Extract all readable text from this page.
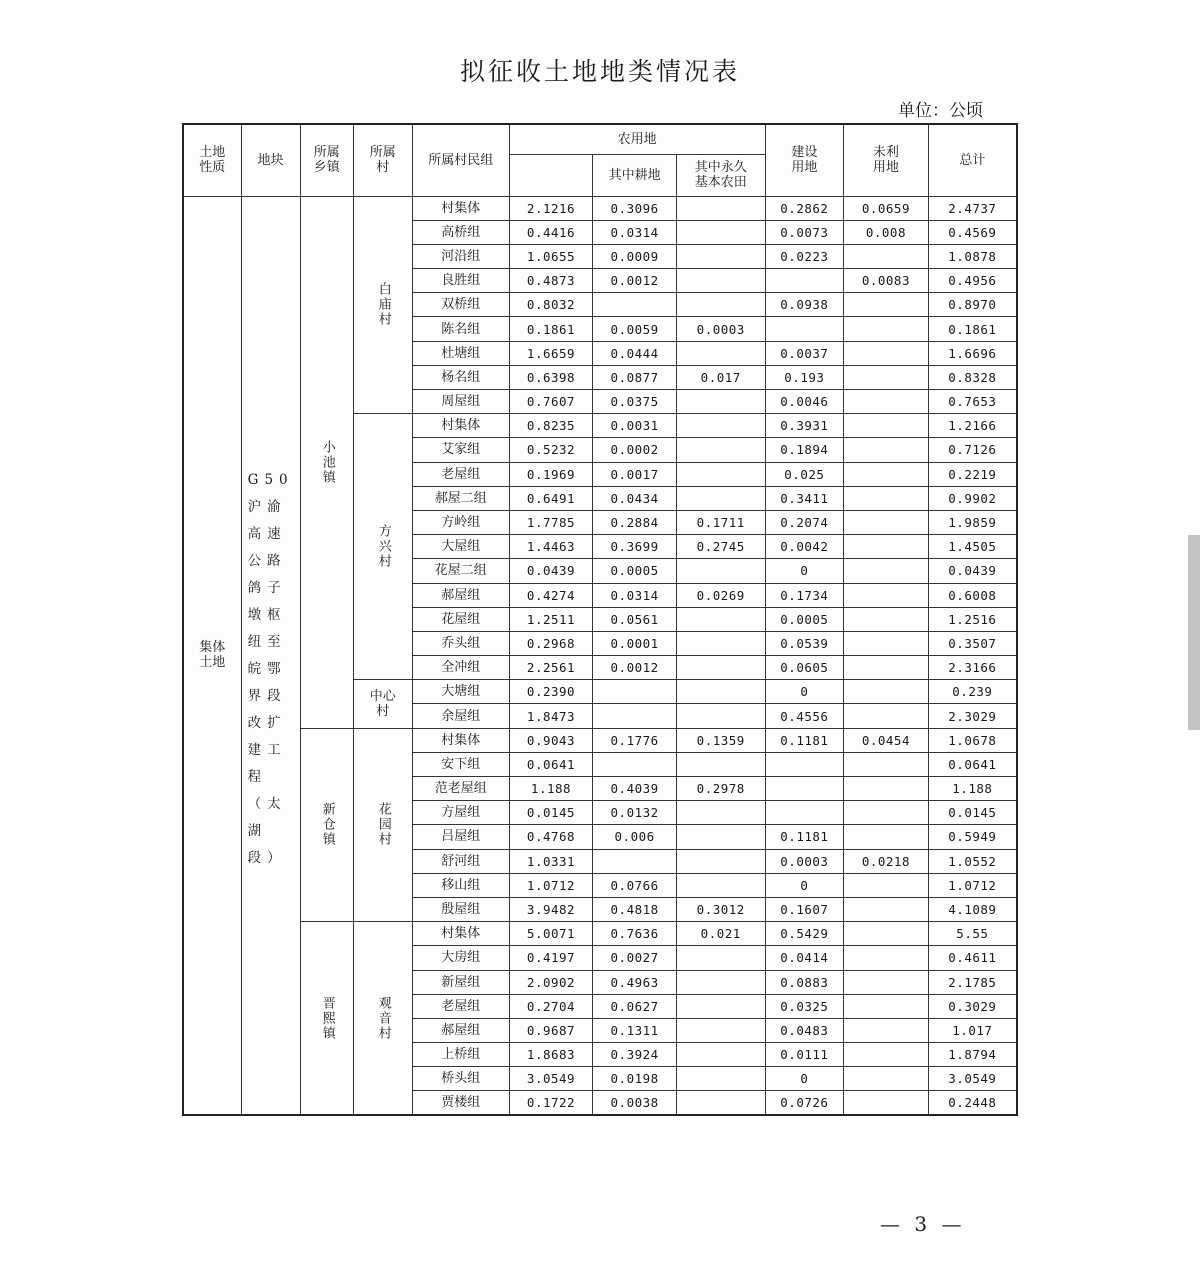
拟征收土地地类情况表
单位：公顷
土地性质	地块	所属乡镇	所属村	所属村民组	农用地			建设用地	未利用地	总计
						其中耕地	其中永久基本农田			
集体土地	G50沪渝高速公路鸽子墩枢纽至皖鄂界段改扩建工程（太湖段）	小池镇	白庙村	村集体	2.1216	0.3096		0.2862	0.0659	2.4737
				高桥组	0.4416	0.0314		0.0073	0.008	0.4569
				河沿组	1.0655	0.0009		0.0223		1.0878
				良胜组	0.4873	0.0012			0.0083	0.4956
				双桥组	0.8032			0.0938		0.8970
				陈名组	0.1861	0.0059	0.0003			0.1861
				杜塘组	1.6659	0.0444		0.0037		1.6696
				杨名组	0.6398	0.0877	0.017	0.193		0.8328
				周屋组	0.7607	0.0375		0.0046		0.7653

			方兴村	村集体	0.8235	0.0031		0.3931		1.2166
				艾家组	0.5232	0.0002		0.1894		0.7126
				老屋组	0.1969	0.0017		0.025		0.2219
				郝屋二组	0.6491	0.0434		0.3411		0.9902
				方岭组	1.7785	0.2884	0.1711	0.2074		1.9859
				大屋组	1.4463	0.3699	0.2745	0.0042		1.4505
				花屋二组	0.0439	0.0005		0		0.0439
				郝屋组	0.4274	0.0314	0.0269	0.1734		0.6008
				花屋组	1.2511	0.0561		0.0005		1.2516
				乔头组	0.2968	0.0001		0.0539		0.3507
				全冲组	2.2561	0.0012		0.0605		2.3166
			中心村	大塘组	0.2390			0		0.239
				余屋组	1.8473			0.4556		2.3029

		新仓镇	花园村	村集体	0.9043	0.1776	0.1359	0.1181	0.0454	1.0678
				安下组	0.0641					0.0641
				范老屋组	1.188	0.4039	0.2978			1.188
				方屋组	0.0145	0.0132				0.0145
				吕屋组	0.4768	0.006		0.1181		0.5949
				舒河组	1.0331			0.0003	0.0218	1.0552
				移山组	1.0712	0.0766		0		1.0712
				殷屋组	3.9482	0.4818	0.3012	0.1607		4.1089

		晋熙镇	观音村	村集体	5.0071	0.7636	0.021	0.5429		5.55
				大房组	0.4197	0.0027		0.0414		0.4611
				新屋组	2.0902	0.4963		0.0883		2.1785
				老屋组	0.2704	0.0627		0.0325		0.3029
				郝屋组	0.9687	0.1311		0.0483		1.017
				上桥组	1.8683	0.3924		0.0111		1.8794
				桥头组	3.0549	0.0198		0		3.0549
				贾楼组	0.1722	0.0038		0.0726		0.2448
— 3 —
